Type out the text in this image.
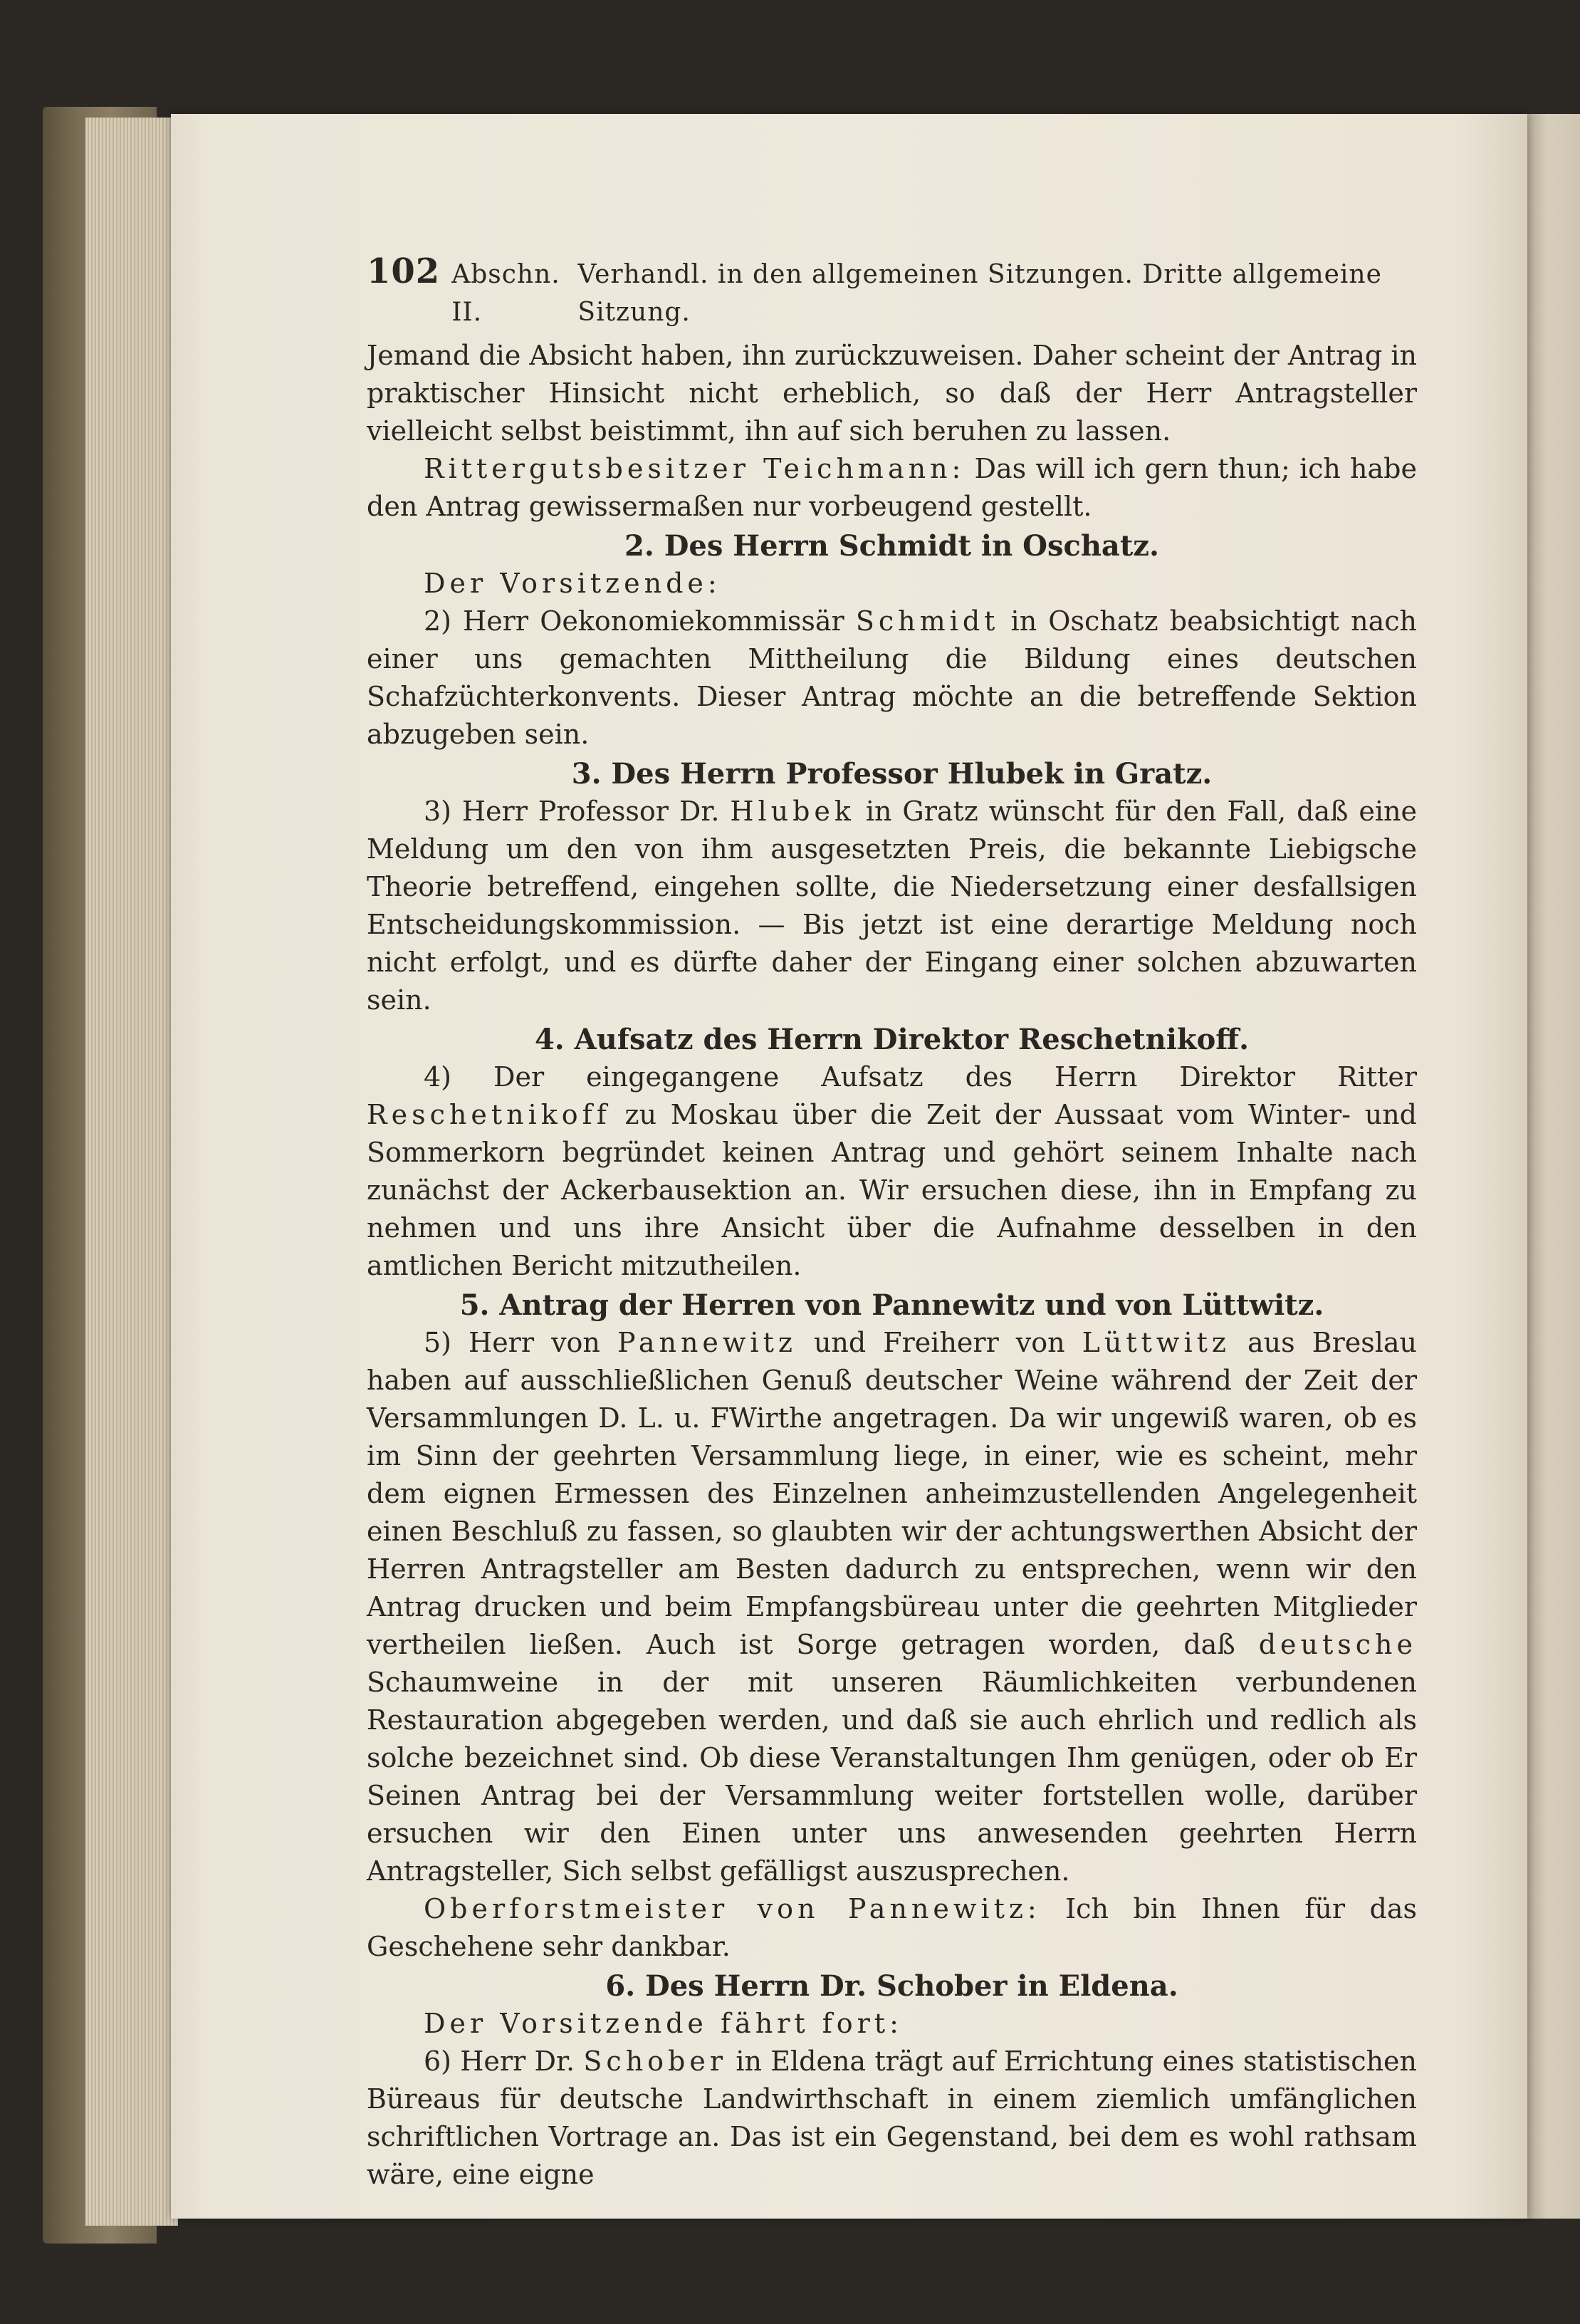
102 Abschn. II.
Verhandl. in den allgemeinen Sitzungen. Dritte allgemeine Sitzung.

Jemand die Absicht haben, ihn zurückzuweisen. Daher scheint der Antrag in praktischer Hinsicht nicht erheblich, so daß der Herr Antragsteller vielleicht selbst beistimmt, ihn auf sich beruhen zu lassen.

Rittergutsbesitzer Teichmann: Das will ich gern thun; ich habe den Antrag gewissermaßen nur vorbeugend gestellt.

2. Des Herrn Schmidt in Oschatz.

Der Vorsitzende:

2) Herr Oekonomiekommissär Schmidt in Oschatz beabsichtigt nach einer uns gemachten Mittheilung die Bildung eines deutschen Schafzüchterkonvents. Dieser Antrag möchte an die betreffende Sektion abzugeben sein.

3. Des Herrn Professor Hlubek in Gratz.

3) Herr Professor Dr. Hlubek in Gratz wünscht für den Fall, daß eine Meldung um den von ihm ausgesetzten Preis, die bekannte Liebigsche Theorie betreffend, eingehen sollte, die Niedersetzung einer desfallsigen Entscheidungskommission. — Bis jetzt ist eine derartige Meldung noch nicht erfolgt, und es dürfte daher der Eingang einer solchen abzuwarten sein.

4. Aufsatz des Herrn Direktor Reschetnikoff.

4) Der eingegangene Aufsatz des Herrn Direktor Ritter Reschetnikoff zu Moskau über die Zeit der Aussaat vom Winter- und Sommerkorn begründet keinen Antrag und gehört seinem Inhalte nach zunächst der Ackerbausektion an. Wir ersuchen diese, ihn in Empfang zu nehmen und uns ihre Ansicht über die Aufnahme desselben in den amtlichen Bericht mitzutheilen.

5. Antrag der Herren von Pannewitz und von Lüttwitz.

5) Herr von Pannewitz und Freiherr von Lüttwitz aus Breslau haben auf ausschließlichen Genuß deutscher Weine während der Zeit der Versammlungen D. L. u. FWirthe angetragen. Da wir ungewiß waren, ob es im Sinn der geehrten Versammlung liege, in einer, wie es scheint, mehr dem eignen Ermessen des Einzelnen anheimzustellenden Angelegenheit einen Beschluß zu fassen, so glaubten wir der achtungswerthen Absicht der Herren Antragsteller am Besten dadurch zu entsprechen, wenn wir den Antrag drucken und beim Empfangsbüreau unter die geehrten Mitglieder vertheilen ließen. Auch ist Sorge getragen worden, daß deutsche Schaumweine in der mit unseren Räumlichkeiten verbundenen Restauration abgegeben werden, und daß sie auch ehrlich und redlich als solche bezeichnet sind. Ob diese Veranstaltungen Ihm genügen, oder ob Er Seinen Antrag bei der Versammlung weiter fortstellen wolle, darüber ersuchen wir den Einen unter uns anwesenden geehrten Herrn Antragsteller, Sich selbst gefälligst auszusprechen.

Oberforstmeister von Pannewitz: Ich bin Ihnen für das Geschehene sehr dankbar.

6. Des Herrn Dr. Schober in Eldena.

Der Vorsitzende fährt fort:

6) Herr Dr. Schober in Eldena trägt auf Errichtung eines statistischen Büreaus für deutsche Landwirthschaft in einem ziemlich umfänglichen schriftlichen Vortrage an. Das ist ein Gegenstand, bei dem es wohl rathsam wäre, eine eigne
